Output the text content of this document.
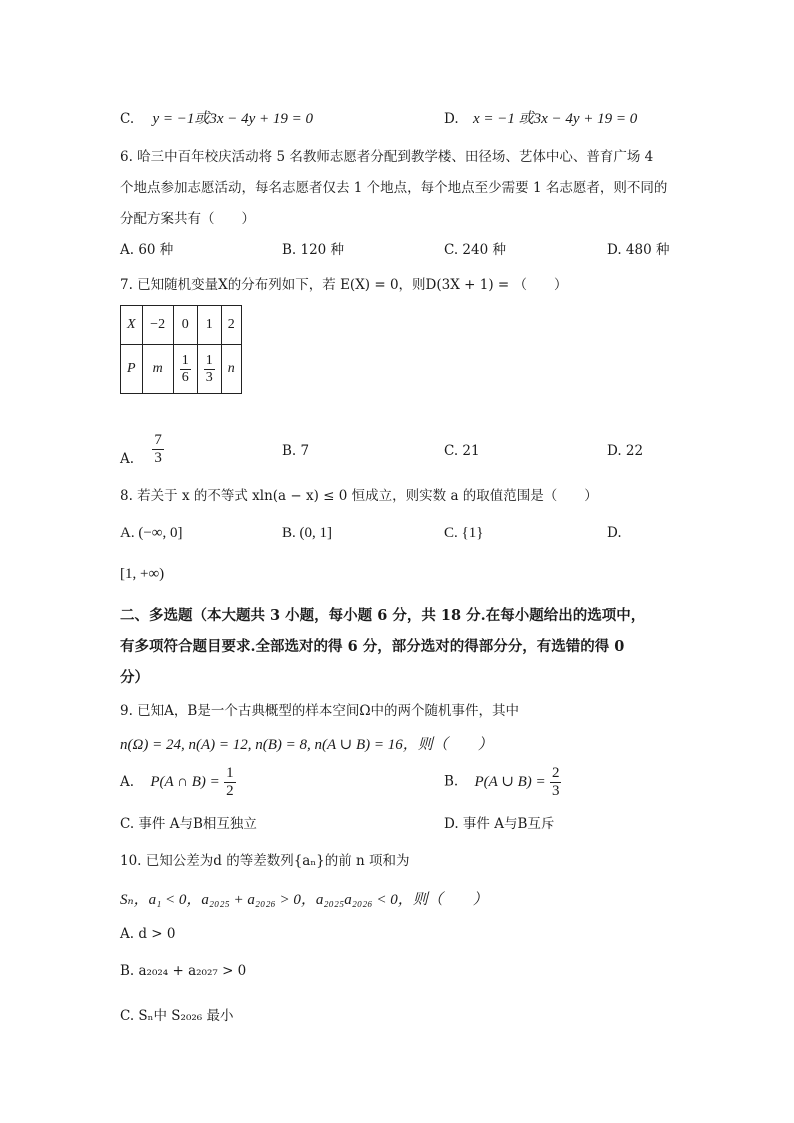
C. y = −1或3x − 4y + 19 = 0	D. x = −1 或3x − 4y + 19 = 0
6. 哈三中百年校庆活动将 5 名教师志愿者分配到教学楼、田径场、艺体中心、普育广场 4
个地点参加志愿活动，每名志愿者仅去 1 个地点，每个地点至少需要 1 名志愿者，则不同的
分配方案共有（　　）
A. 60 种	B. 120 种	C. 240 种	D. 480 种
7. 已知随机变量X的分布列如下，若 E(X) = 0，则D(3X + 1) = （　　）
X	−2	0	1	2
P	m	$\frac{1}{6}$	$\frac{1}{3}$	n
A. $\frac{7}{3}$	B. 7	C. 21	D. 22
8. 若关于 x 的不等式 xln(a − x) ≤ 0 恒成立，则实数 a 的取值范围是（　　）
A. (−∞, 0]	B. (0, 1]	C. {1}	D.
[1, +∞)
二、多选题（本大题共 3 小题，每小题 6 分，共 18 分.在每小题给出的选项中，
有多项符合题目要求.全部选对的得 6 分，部分选对的得部分分，有选错的得 0
分）
9. 已知A，B是一个古典概型的样本空间Ω中的两个随机事件，其中
n(Ω) = 24, n(A) = 12, n(B) = 8, n(A ∪ B) = 16，则（　　）
A. P(A ∩ $B) = \frac{1}{2}$	B. P(A ∪ $B) = \frac{2}{3}$
C. 事件 A与B相互独立	D. 事件 A与B互斥
10. 已知公差为d 的等差数列{aₙ}的前 n 项和为
Sₙ，a₁ < 0，a₂₀₂₅ + a₂₀₂₆ > 0，a₂₀₂₅a₂₀₂₆ < 0，则（　　）
A. d > 0
B. a₂₀₂₄ + a₂₀₂₇ > 0
C. Sₙ中 S₂₀₂₆ 最小
